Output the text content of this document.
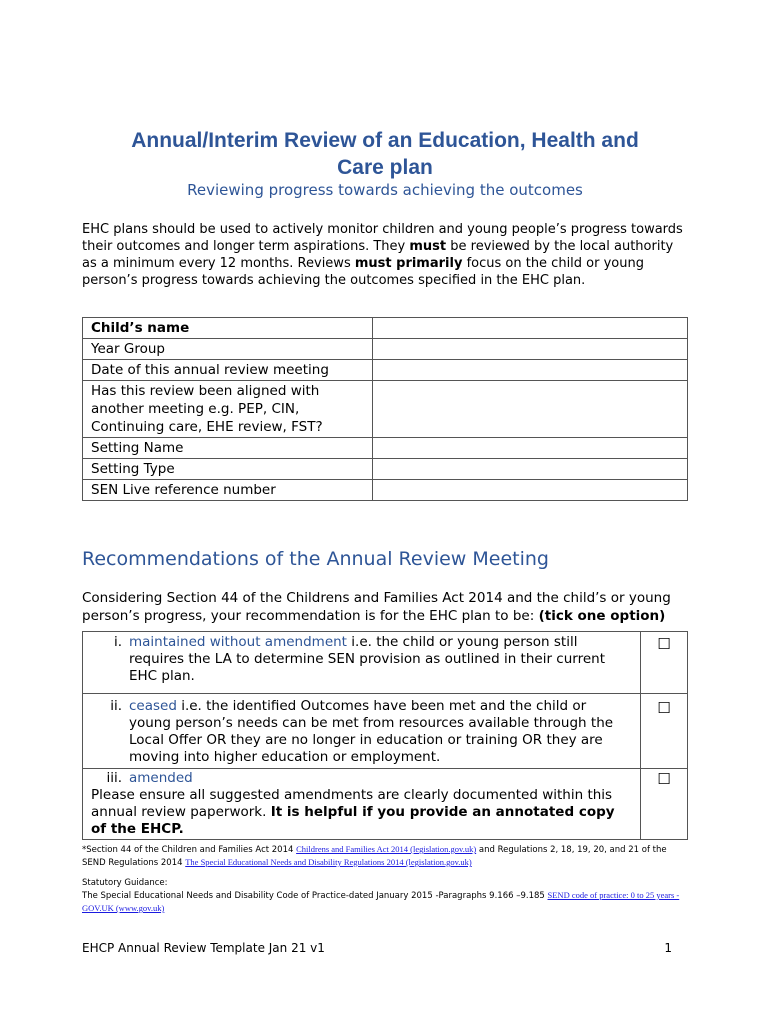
Annual/Interim Review of an Education, Health and
Care plan
Reviewing progress towards achieving the outcomes
EHC plans should be used to actively monitor children and young people’s progress towards their outcomes and longer term aspirations. They must be reviewed by the local authority as a minimum every 12 months. Reviews must primarily focus on the child or young person’s progress towards achieving the outcomes specified in the EHC plan.
Child’s name	
Year Group	
Date of this annual review meeting	
Has this review been aligned with another meeting e.g. PEP, CIN, Continuing care, EHE review, FST?	
Setting Name	
Setting Type	
SEN Live reference number	
Recommendations of the Annual Review Meeting
Considering Section 44 of the Childrens and Families Act 2014 and the child’s or young person’s progress, your recommendation is for the EHC plan to be: (tick one option)
i. maintained without amendment i.e. the child or young person still requires the LA to determine SEN provision as outlined in their current EHC plan.	☐

ii. ceased i.e. the identified Outcomes have been met and the child or young person’s needs can be met from resources available through the Local Offer OR they are no longer in education or training OR they are moving into higher education or employment.	☐

iii. amended
Please ensure all suggested amendments are clearly documented within this annual review paperwork. It is helpful if you provide an annotated copy of the EHCP.	☐
*Section 44 of the Children and Families Act 2014 Childrens and Families Act 2014 (legislation.gov.uk) and Regulations 2, 18, 19, 20, and 21 of the SEND Regulations 2014 The Special Educational Needs and Disability Regulations 2014 (legislation.gov.uk)
Statutory Guidance:
The Special Educational Needs and Disability Code of Practice-dated January 2015 -Paragraphs 9.166 –9.185 SEND code of practice: 0 to 25 years - GOV.UK (www.gov.uk)
EHCP Annual Review Template Jan 21 v1	1
